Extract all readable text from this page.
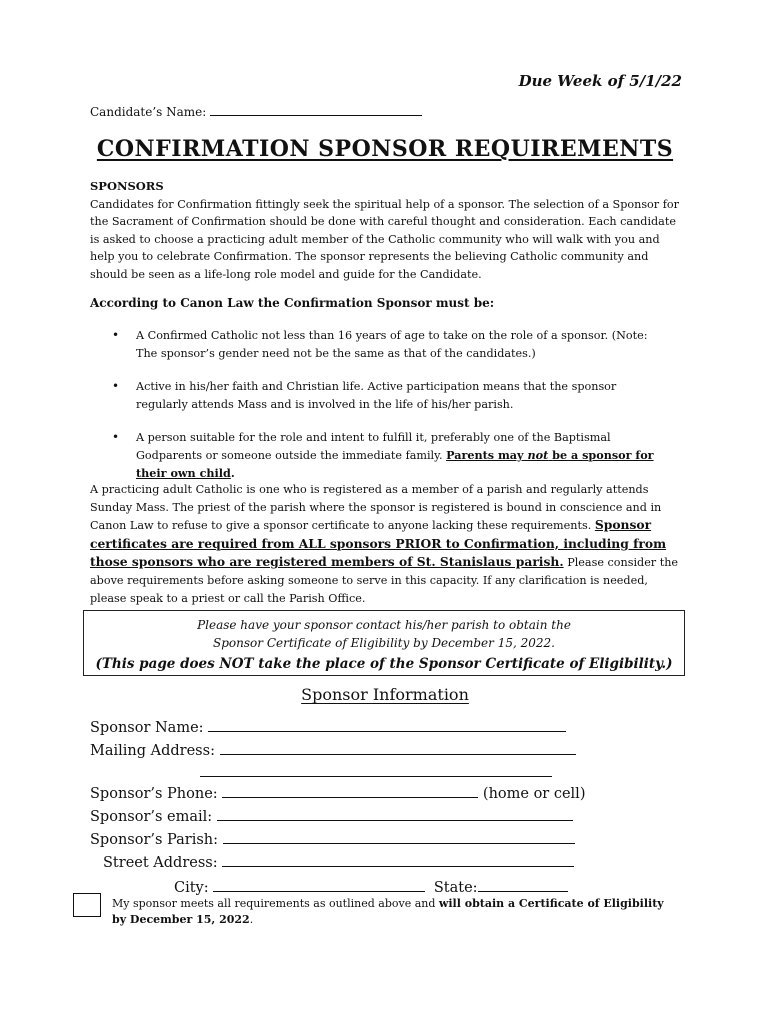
Due Week of 5/1/22
Candidate’s Name:
CONFIRMATION SPONSOR REQUIREMENTS
SPONSORS
Candidates for Confirmation fittingly seek the spiritual help of a sponsor. The selection of a Sponsor for the Sacrament of Confirmation should be done with careful thought and consideration. Each candidate is asked to choose a practicing adult member of the Catholic community who will walk with you and help you to celebrate Confirmation. The sponsor represents the believing Catholic community and should be seen as a life-long role model and guide for the Candidate.
According to Canon Law the Confirmation Sponsor must be:
• A Confirmed Catholic not less than 16 years of age to take on the role of a sponsor. (Note: The sponsor’s gender need not be the same as that of the candidates.)
• Active in his/her faith and Christian life. Active participation means that the sponsor regularly attends Mass and is involved in the life of his/her parish.
• A person suitable for the role and intent to fulfill it, preferably one of the Baptismal Godparents or someone outside the immediate family. Parents may not be a sponsor for their own child.
A practicing adult Catholic is one who is registered as a member of a parish and regularly attends Sunday Mass. The priest of the parish where the sponsor is registered is bound in conscience and in Canon Law to refuse to give a sponsor certificate to anyone lacking these requirements. Sponsor certificates are required from ALL sponsors PRIOR to Confirmation, including from those sponsors who are registered members of St. Stanislaus parish. Please consider the above requirements before asking someone to serve in this capacity. If any clarification is needed, please speak to a priest or call the Parish Office.
Please have your sponsor contact his/her parish to obtain the
Sponsor Certificate of Eligibility by December 15, 2022.
(This page does NOT take the place of the Sponsor Certificate of Eligibility.)
Sponsor Information
Sponsor Name:
Mailing Address:
Sponsor’s Phone:	(home or cell)
Sponsor’s email:
Sponsor’s Parish:
Street Address:
City:	State:
My sponsor meets all requirements as outlined above and will obtain a Certificate of Eligibility by December 15, 2022.
